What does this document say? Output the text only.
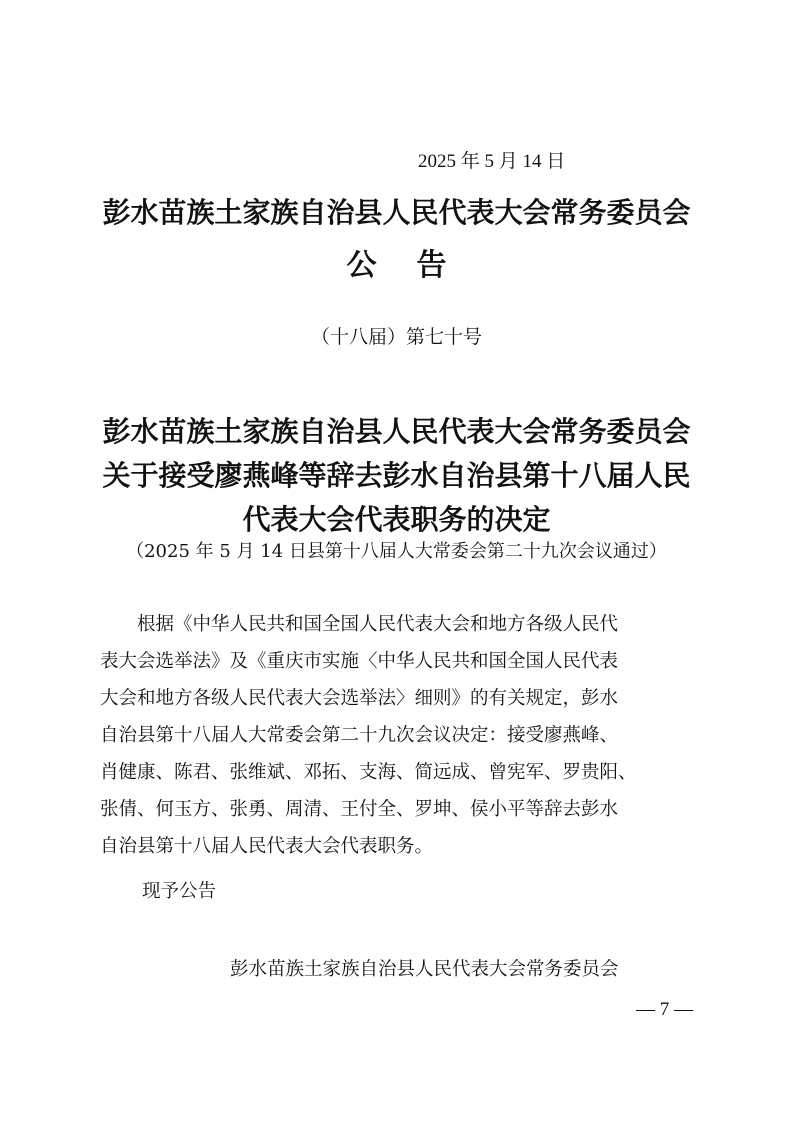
2025 年 5 月 14 日
彭水苗族土家族自治县人民代表大会常务委员会
公告
（十八届）第七十号
彭水苗族土家族自治县人民代表大会常务委员会
关于接受廖燕峰等辞去彭水自治县第十八届人民
代表大会代表职务的决定
（2025 年 5 月 14 日县第十八届人大常委会第二十九次会议通过）
　　根据《中华人民共和国全国人民代表大会和地方各级人民代
表大会选举法》及《重庆市实施〈中华人民共和国全国人民代表
大会和地方各级人民代表大会选举法〉细则》的有关规定，彭水
自治县第十八届人大常委会第二十九次会议决定：接受廖燕峰、
肖健康、陈君、张维斌、邓拓、支海、简远成、曾宪军、罗贵阳、
张倩、何玉方、张勇、周清、王付全、罗坤、侯小平等辞去彭水
自治县第十八届人民代表大会代表职务。
现予公告
彭水苗族土家族自治县人民代表大会常务委员会
— 7 —
